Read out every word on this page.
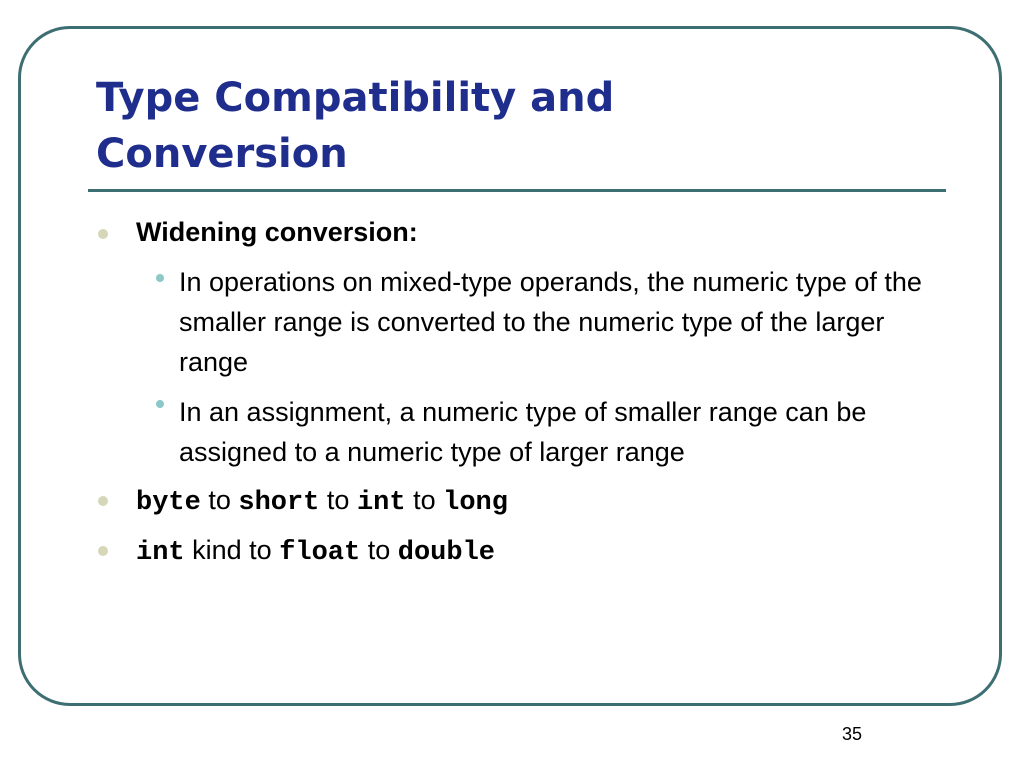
Type Compatibility and
Conversion
Widening conversion:
In operations on mixed-type operands, the numeric type of the smaller range is converted to the numeric type of the larger range
In an assignment, a numeric type of smaller range can be assigned to a numeric type of larger range
byte to short to int to long
int kind to float to double
35
